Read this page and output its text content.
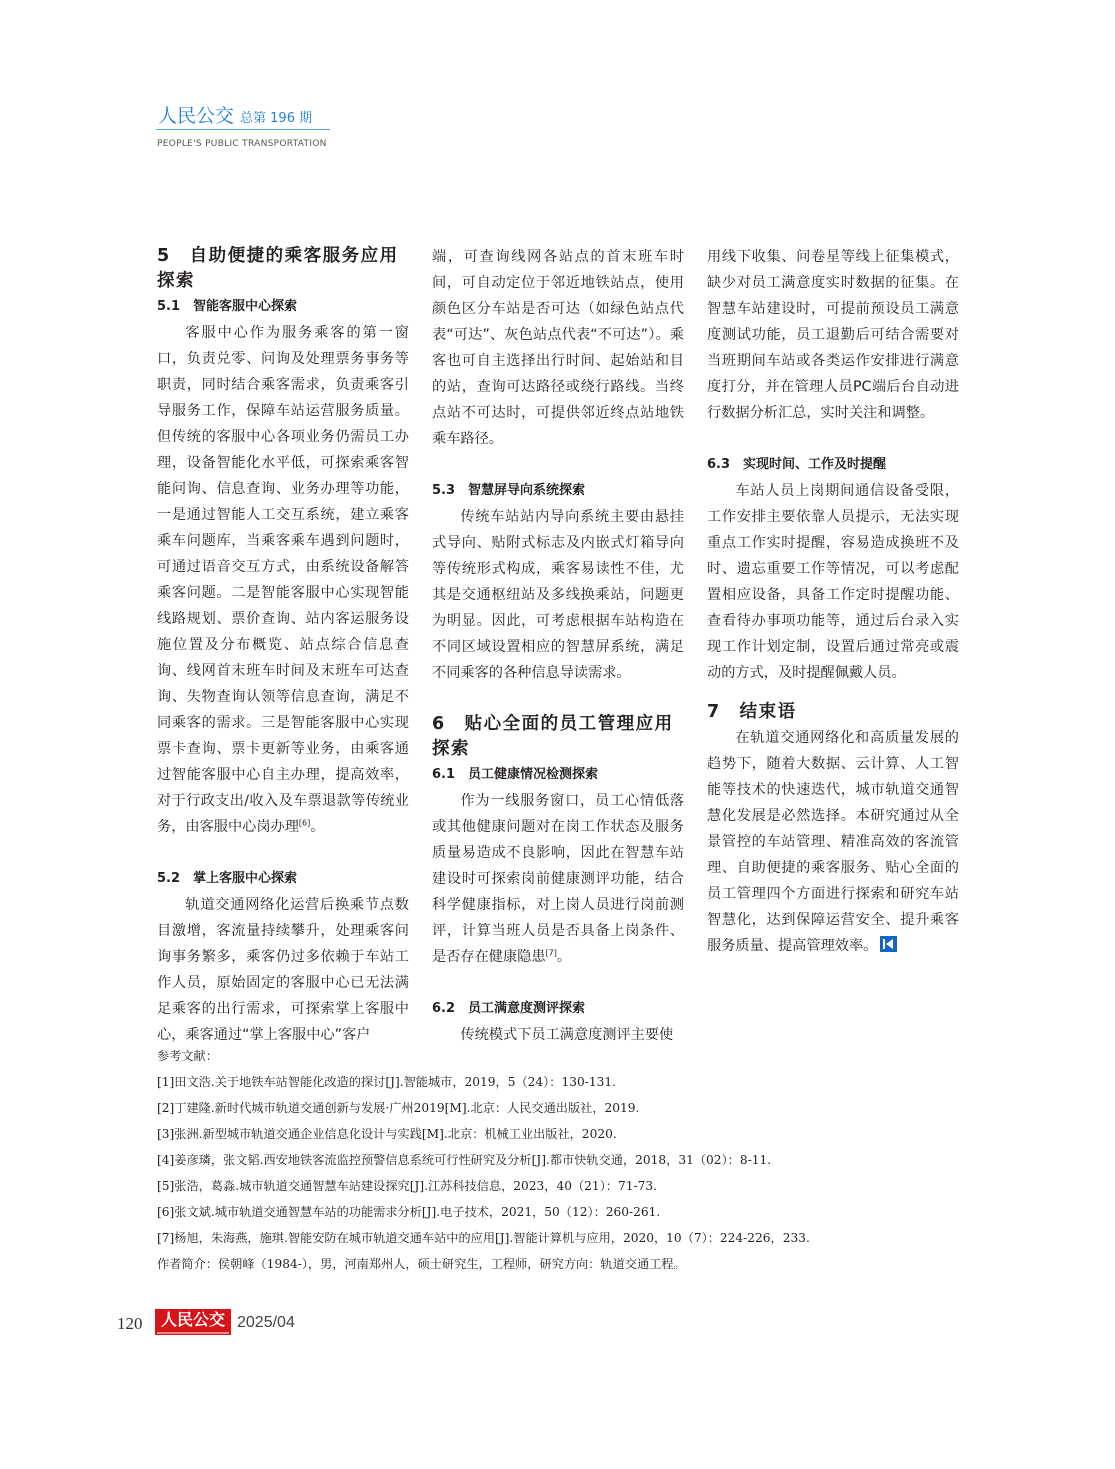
人民公交 总第 196 期
PEOPLE'S PUBLIC TRANSPORTATION
5　自助便捷的乘客服务应用探索
5.1　智能客服中心探索

客服中心作为服务乘客的第一窗口，负责兑零、问询及处理票务事务等职责，同时结合乘客需求，负责乘客引导服务工作，保障车站运营服务质量。但传统的客服中心各项业务仍需员工办理，设备智能化水平低，可探索乘客智能问询、信息查询、业务办理等功能，一是通过智能人工交互系统，建立乘客乘车问题库，当乘客乘车遇到问题时，可通过语音交互方式，由系统设备解答乘客问题。二是智能客服中心实现智能线路规划、票价查询、站内客运服务设施位置及分布概览、站点综合信息查询、线网首末班车时间及末班车可达查询、失物查询认领等信息查询，满足不同乘客的需求。三是智能客服中心实现票卡查询、票卡更新等业务，由乘客通过智能客服中心自主办理，提高效率，对于行政支出/收入及车票退款等传统业务，由客服中心岗办理[6]。

5.2　掌上客服中心探索

轨道交通网络化运营后换乘节点数目激增，客流量持续攀升，处理乘客问询事务繁多，乘客仍过多依赖于车站工作人员，原始固定的客服中心已无法满足乘客的出行需求，可探索掌上客服中心，乘客通过“掌上客服中心”客户

端，可查询线网各站点的首末班车时间，可自动定位于邻近地铁站点，使用颜色区分车站是否可达（如绿色站点代表“可达”、灰色站点代表“不可达”）。乘客也可自主选择出行时间、起始站和目的站，查询可达路径或绕行路线。当终点站不可达时，可提供邻近终点站地铁乘车路径。

5.3　智慧屏导向系统探索

传统车站站内导向系统主要由悬挂式导向、贴附式标志及内嵌式灯箱导向等传统形式构成，乘客易读性不佳，尤其是交通枢纽站及多线换乘站，问题更为明显。因此，可考虑根据车站构造在不同区域设置相应的智慧屏系统，满足不同乘客的各种信息导读需求。

6　贴心全面的员工管理应用探索
6.1　员工健康情况检测探索

作为一线服务窗口，员工心情低落或其他健康问题对在岗工作状态及服务质量易造成不良影响，因此在智慧车站建设时可探索岗前健康测评功能，结合科学健康指标，对上岗人员进行岗前测评，计算当班人员是否具备上岗条件、是否存在健康隐患[7]。

6.2　员工满意度测评探索

传统模式下员工满意度测评主要使

用线下收集、问卷星等线上征集模式，缺少对员工满意度实时数据的征集。在智慧车站建设时，可提前预设员工满意度测试功能，员工退勤后可结合需要对当班期间车站或各类运作安排进行满意度打分，并在管理人员PC端后台自动进行数据分析汇总，实时关注和调整。

6.3　实现时间、工作及时提醒

车站人员上岗期间通信设备受限，工作安排主要依靠人员提示，无法实现重点工作实时提醒，容易造成换班不及时、遗忘重要工作等情况，可以考虑配置相应设备，具备工作定时提醒功能、查看待办事项功能等，通过后台录入实现工作计划定制，设置后通过常亮或震动的方式，及时提醒佩戴人员。

7　结束语

在轨道交通网络化和高质量发展的趋势下，随着大数据、云计算、人工智能等技术的快速迭代，城市轨道交通智慧化发展是必然选择。本研究通过从全景管控的车站管理、精准高效的客流管理、自助便捷的乘客服务、贴心全面的员工管理四个方面进行探索和研究车站智慧化，达到保障运营安全、提升乘客服务质量、提高管理效率。

参考文献：
[1]田文浩.关于地铁车站智能化改造的探讨[J].智能城市，2019，5（24）：130-131.
[2]丁建隆.新时代城市轨道交通创新与发展·广州2019[M].北京：人民交通出版社，2019.
[3]张洲.新型城市轨道交通企业信息化设计与实践[M].北京：机械工业出版社，2020.
[4]姜彦璘，张文韬.西安地铁客流监控预警信息系统可行性研究及分析[J].都市快轨交通，2018，31（02）：8-11.
[5]张浩，葛淼.城市轨道交通智慧车站建设探究[J].江苏科技信息，2023，40（21）：71-73.
[6]张文斌.城市轨道交通智慧车站的功能需求分析[J].电子技术，2021，50（12）：260-261.
[7]杨旭，朱海燕，施琪.智能安防在城市轨道交通车站中的应用[J].智能计算机与应用，2020，10（7）：224-226，233.
作者简介：侯朝峰（1984-），男，河南郑州人，硕士研究生，工程师，研究方向：轨道交通工程。
120	人民公交 2025/04
